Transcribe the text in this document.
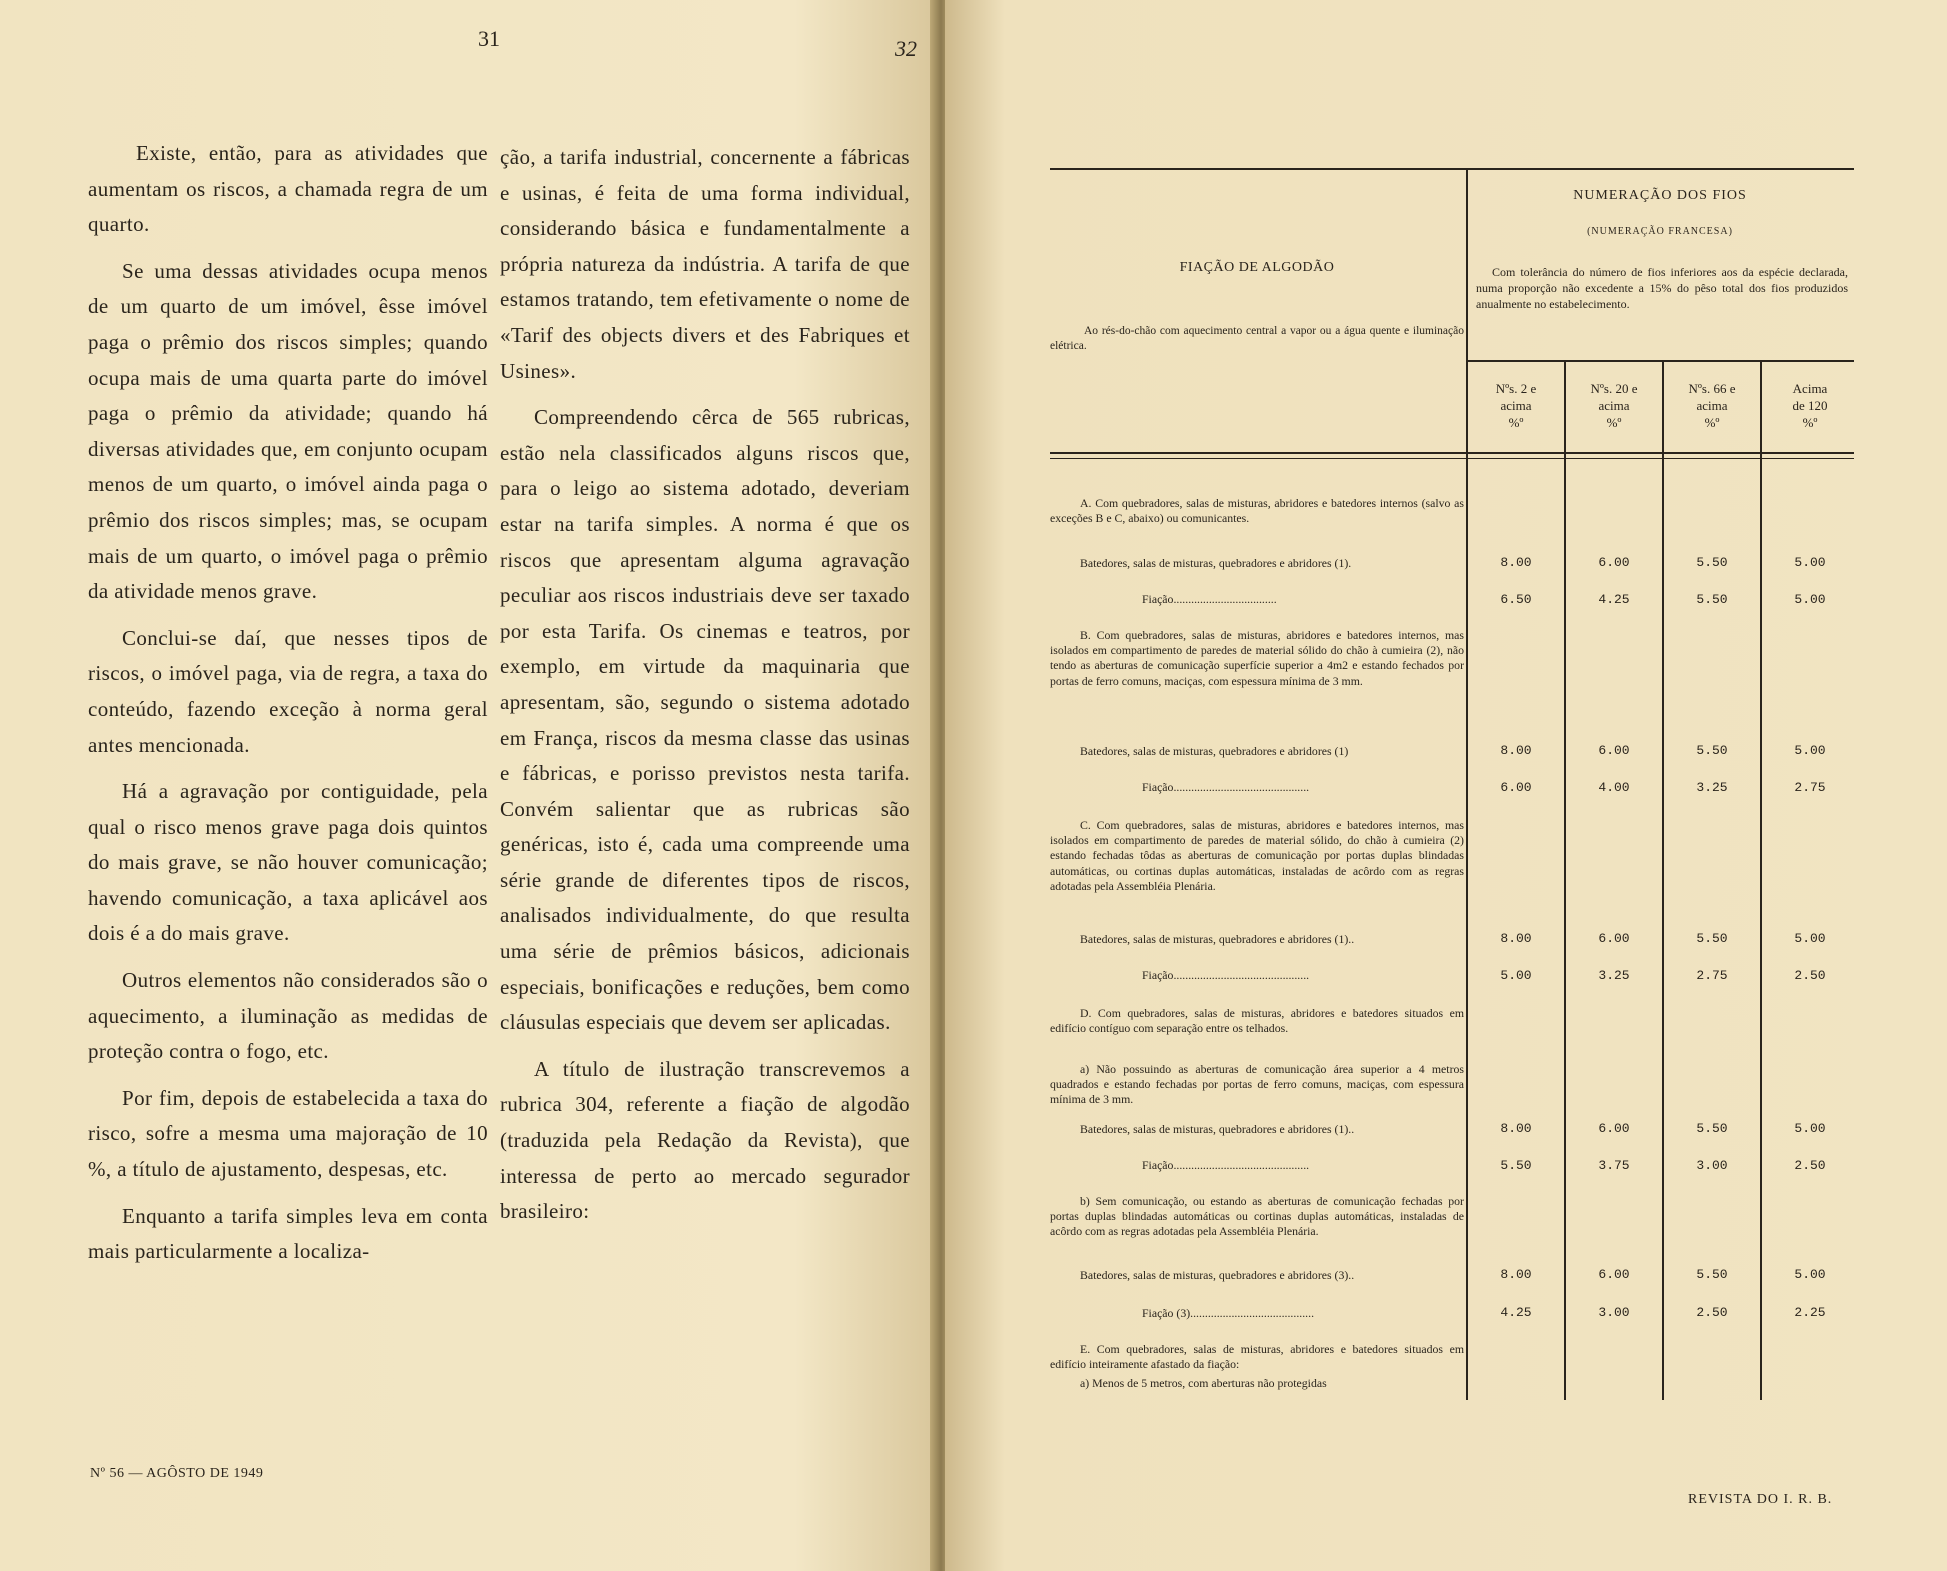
31

Existe, então, para as atividades que aumentam os riscos, a chamada regra de um quarto.

Se uma dessas atividades ocupa menos de um quarto de um imóvel, êsse imóvel paga o prêmio dos riscos simples; quando ocupa mais de uma quarta parte do imóvel paga o prêmio da atividade; quando há diversas atividades que, em conjunto ocupam menos de um quarto, o imóvel ainda paga o prêmio dos riscos simples; mas, se ocupam mais de um quarto, o imóvel paga o prêmio da atividade menos grave.

Conclui-se daí, que nesses tipos de riscos, o imóvel paga, via de regra, a taxa do conteúdo, fazendo exceção à norma geral antes mencionada.

Há a agravação por contiguidade, pela qual o risco menos grave paga dois quintos do mais grave, se não houver comunicação; havendo comunicação, a taxa aplicável aos dois é a do mais grave.

Outros elementos não considerados são o aquecimento, a iluminação as medidas de proteção contra o fogo, etc.

Por fim, depois de estabelecida a taxa do risco, sofre a mesma uma majoração de 10 %, a título de ajustamento, despesas, etc.

Enquanto a tarifa simples leva em conta mais particularmente a localiza-

ção, a tarifa industrial, concernente a fábricas e usinas, é feita de uma forma individual, considerando básica e fundamentalmente a própria natureza da indústria. A tarifa de que estamos tratando, tem efetivamente o nome de «Tarif des objects divers et des Fabriques et Usines».

Compreendendo cêrca de 565 rubricas, estão nela classificados alguns riscos que, para o leigo ao sistema adotado, deveriam estar na tarifa simples. A norma é que os riscos que apresentam alguma agravação peculiar aos riscos industriais deve ser taxado por esta Tarifa. Os cinemas e teatros, por exemplo, em virtude da maquinaria que apresentam, são, segundo o sistema adotado em França, riscos da mesma classe das usinas e fábricas, e porisso previstos nesta tarifa. Convém salientar que as rubricas são genéricas, isto é, cada uma compreende uma série grande de diferentes tipos de riscos, analisados individualmente, do que resulta uma série de prêmios básicos, adicionais especiais, bonificações e reduções, bem como cláusulas especiais que devem ser aplicadas.

A título de ilustração transcrevemos a rubrica 304, referente a fiação de algodão (traduzida pela Redação da Revista), que interessa de perto ao mercado segurador brasileiro:

Nº 56 — AGÔSTO DE 1949
32
REVISTA DO I. R. B.
FIAÇÃO DE ALGODÃO
Ao rés-do-chão com aquecimento central a vapor ou a água quente e iluminação elétrica.
NUMERAÇÃO DOS FIOS
(NUMERAÇÃO FRANCESA)
Com tolerância do número de fios inferiores aos da espécie declarada, numa proporção não excedente a 15% do pêso total dos fios produzidos anualmente no estabelecimento.
Nºs. 2 e
acima
%º
Nºs. 20 e
acima
%º
Nºs. 66 e
acima
%º
Acima
de 120
%º
A. Com quebradores, salas de misturas, abridores e batedores internos (salvo as exceções B e C, abaixo) ou comunicantes.
Batedores, salas de misturas, quebradores e abridores (1).	8.00	6.00	5.50	5.00
Fiação...................................	6.50	4.25	5.50	5.00
B. Com quebradores, salas de misturas, abridores e batedores internos, mas isolados em compartimento de paredes de material sólido do chão à cumieira (2), não tendo as aberturas de comunicação superfície superior a 4m2 e estando fechados por portas de ferro comuns, maciças, com espessura mínima de 3 mm.
Batedores, salas de misturas, quebradores e abridores (1)	8.00	6.00	5.50	5.00
Fiação..............................................	6.00	4.00	3.25	2.75
C. Com quebradores, salas de misturas, abridores e batedores internos, mas isolados em compartimento de paredes de material sólido, do chão à cumieira (2) estando fechadas tôdas as aberturas de comunicação por portas duplas blindadas automáticas, ou cortinas duplas automáticas, instaladas de acôrdo com as regras adotadas pela Assembléia Plenária.
Batedores, salas de misturas, quebradores e abridores (1)..	8.00	6.00	5.50	5.00
Fiação..............................................	5.00	3.25	2.75	2.50
D. Com quebradores, salas de misturas, abridores e batedores situados em edifício contíguo com separação entre os telhados.
a) Não possuindo as aberturas de comunicação área superior a 4 metros quadrados e estando fechadas por portas de ferro comuns, maciças, com espessura mínima de 3 mm.
Batedores, salas de misturas, quebradores e abridores (1)..	8.00	6.00	5.50	5.00
Fiação..............................................	5.50	3.75	3.00	2.50
b) Sem comunicação, ou estando as aberturas de comunicação fechadas por portas duplas blindadas automáticas ou cortinas duplas automáticas, instaladas de acôrdo com as regras adotadas pela Assembléia Plenária.
Batedores, salas de misturas, quebradores e abridores (3)..	8.00	6.00	5.50	5.00
Fiação (3)..........................................	4.25	3.00	2.50	2.25
E. Com quebradores, salas de misturas, abridores e batedores situados em edifício inteiramente afastado da fiação:
a) Menos de 5 metros, com aberturas não protegidas
